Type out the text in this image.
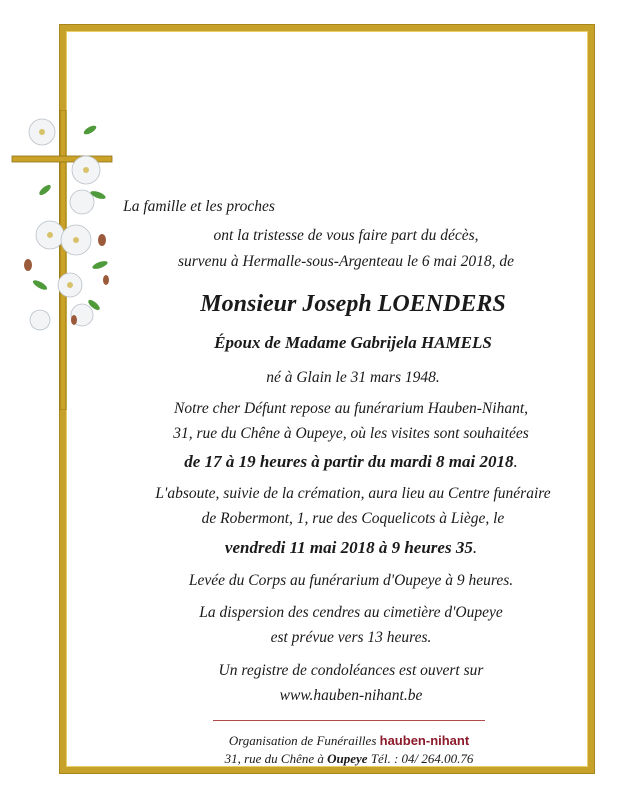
La famille et les proches
ont la tristesse de vous faire part du décès,
survenu à Hermalle-sous-Argenteau le 6 mai 2018, de
Monsieur Joseph LOENDERS
Époux de Madame Gabrijela HAMELS
né à Glain le 31 mars 1948.
Notre cher Défunt repose au funérarium Hauben-Nihant,
31, rue du Chêne à Oupeye, où les visites sont souhaitées
de 17 à 19 heures à partir du mardi 8 mai 2018.
L'absoute, suivie de la crémation, aura lieu au Centre funéraire
de Robermont, 1, rue des Coquelicots à Liège, le
vendredi 11 mai 2018 à 9 heures 35.
Levée du Corps au funérarium d'Oupeye à 9 heures.
La dispersion des cendres au cimetière d'Oupeye
est prévue vers 13 heures.
Un registre de condoléances est ouvert sur
www.hauben-nihant.be
Organisation de Funérailles hauben-nihant
31, rue du Chêne à Oupeye Tél. : 04/ 264.00.76
